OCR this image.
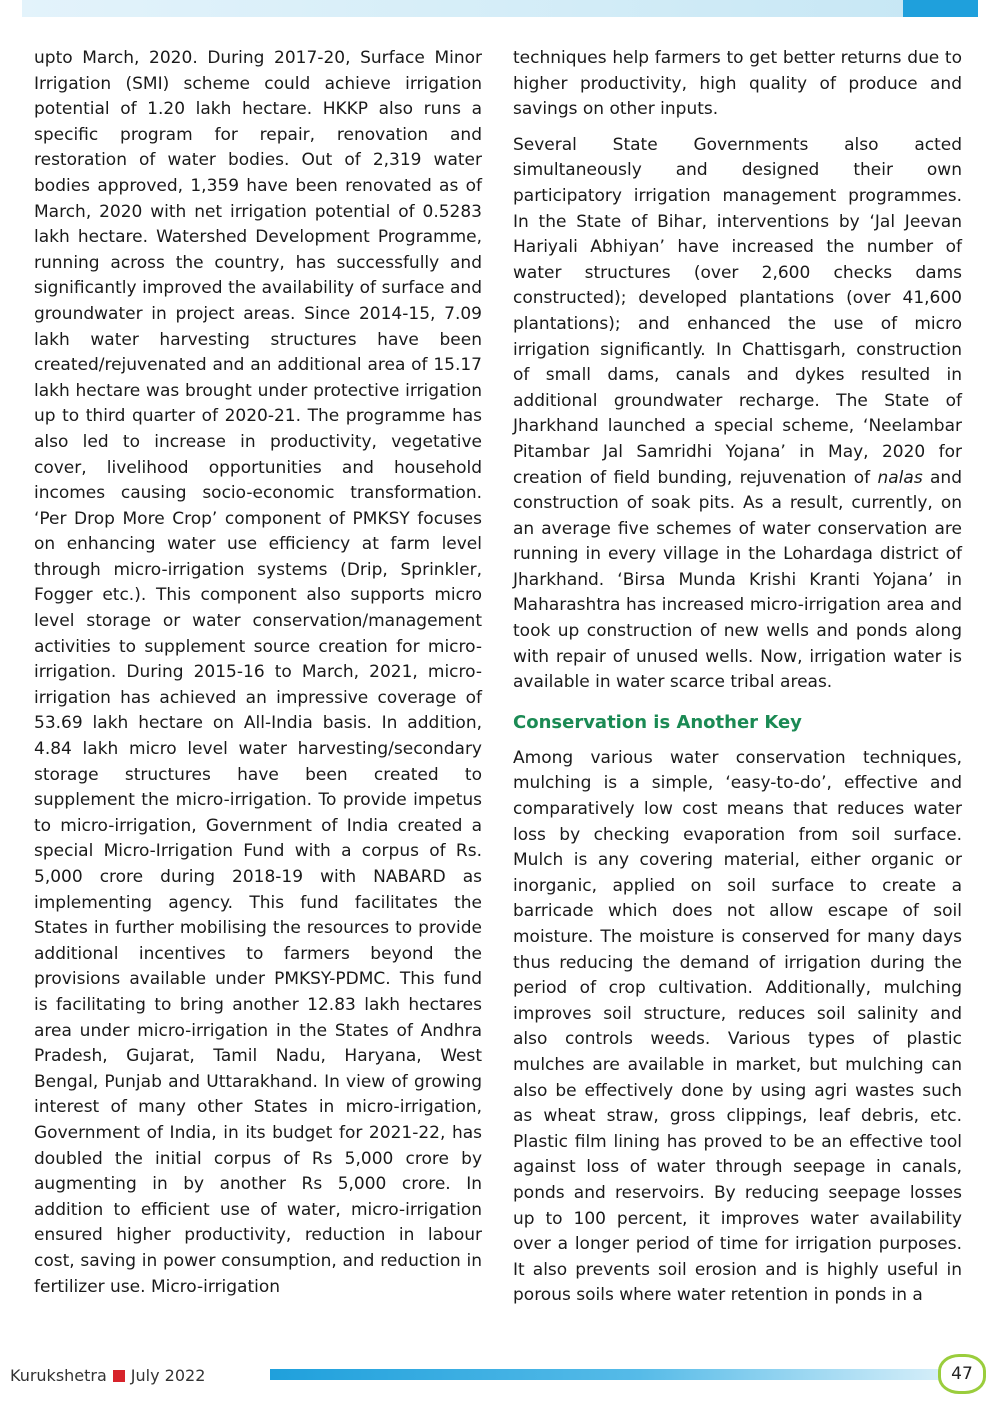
upto March, 2020. During 2017-20, Surface Minor Irrigation (SMI) scheme could achieve irrigation potential of 1.20 lakh hectare. HKKP also runs a specific program for repair, renovation and restoration of water bodies. Out of 2,319 water bodies approved, 1,359 have been renovated as of March, 2020 with net irrigation potential of 0.5283 lakh hectare. Watershed Development Programme, running across the country, has successfully and significantly improved the availability of surface and groundwater in project areas. Since 2014-15, 7.09 lakh water harvesting structures have been created/rejuvenated and an additional area of 15.17 lakh hectare was brought under protective irrigation up to third quarter of 2020-21. The programme has also led to increase in productivity, vegetative cover, livelihood opportunities and household incomes causing socio-economic transformation. ‘Per Drop More Crop’ component of PMKSY focuses on enhancing water use efficiency at farm level through micro-irrigation systems (Drip, Sprinkler, Fogger etc.). This component also supports micro level storage or water conservation/management activities to supplement source creation for micro-irrigation. During 2015-16 to March, 2021, micro-irrigation has achieved an impressive coverage of 53.69 lakh hectare on All-India basis. In addition, 4.84 lakh micro level water harvesting/secondary storage structures have been created to supplement the micro-irrigation. To provide impetus to micro-irrigation, Government of India created a special Micro-Irrigation Fund with a corpus of Rs. 5,000 crore during 2018-19 with NABARD as implementing agency. This fund facilitates the States in further mobilising the resources to provide additional incentives to farmers beyond the provisions available under PMKSY-PDMC. This fund is facilitating to bring another 12.83 lakh hectares area under micro-irrigation in the States of Andhra Pradesh, Gujarat, Tamil Nadu, Haryana, West Bengal, Punjab and Uttarakhand. In view of growing interest of many other States in micro-irrigation, Government of India, in its budget for 2021-22, has doubled the initial corpus of Rs 5,000 crore by augmenting in by another Rs 5,000 crore. In addition to efficient use of water, micro-irrigation ensured higher productivity, reduction in labour cost, saving in power consumption, and reduction in fertilizer use. Micro-irrigation

techniques help farmers to get better returns due to higher productivity, high quality of produce and savings on other inputs.

Several State Governments also acted simultaneously and designed their own participatory irrigation management programmes. In the State of Bihar, interventions by ‘Jal Jeevan Hariyali Abhiyan’ have increased the number of water structures (over 2,600 checks dams constructed); developed plantations (over 41,600 plantations); and enhanced the use of micro irrigation significantly. In Chattisgarh, construction of small dams, canals and dykes resulted in additional groundwater recharge. The State of Jharkhand launched a special scheme, ‘Neelambar Pitambar Jal Samridhi Yojana’ in May, 2020 for creation of field bunding, rejuvenation of nalas and construction of soak pits. As a result, currently, on an average five schemes of water conservation are running in every village in the Lohardaga district of Jharkhand. ‘Birsa Munda Krishi Kranti Yojana’ in Maharashtra has increased micro-irrigation area and took up construction of new wells and ponds along with repair of unused wells. Now, irrigation water is available in water scarce tribal areas.

Conservation is Another Key

Among various water conservation techniques, mulching is a simple, ‘easy-to-do’, effective and comparatively low cost means that reduces water loss by checking evaporation from soil surface. Mulch is any covering material, either organic or inorganic, applied on soil surface to create a barricade which does not allow escape of soil moisture. The moisture is conserved for many days thus reducing the demand of irrigation during the period of crop cultivation. Additionally, mulching improves soil structure, reduces soil salinity and also controls weeds. Various types of plastic mulches are available in market, but mulching can also be effectively done by using agri wastes such as wheat straw, gross clippings, leaf debris, etc. Plastic film lining has proved to be an effective tool against loss of water through seepage in canals, ponds and reservoirs. By reducing seepage losses up to 100 percent, it improves water availability over a longer period of time for irrigation purposes. It also prevents soil erosion and is highly useful in porous soils where water retention in ponds in a

Kurukshetra July 2022	47
